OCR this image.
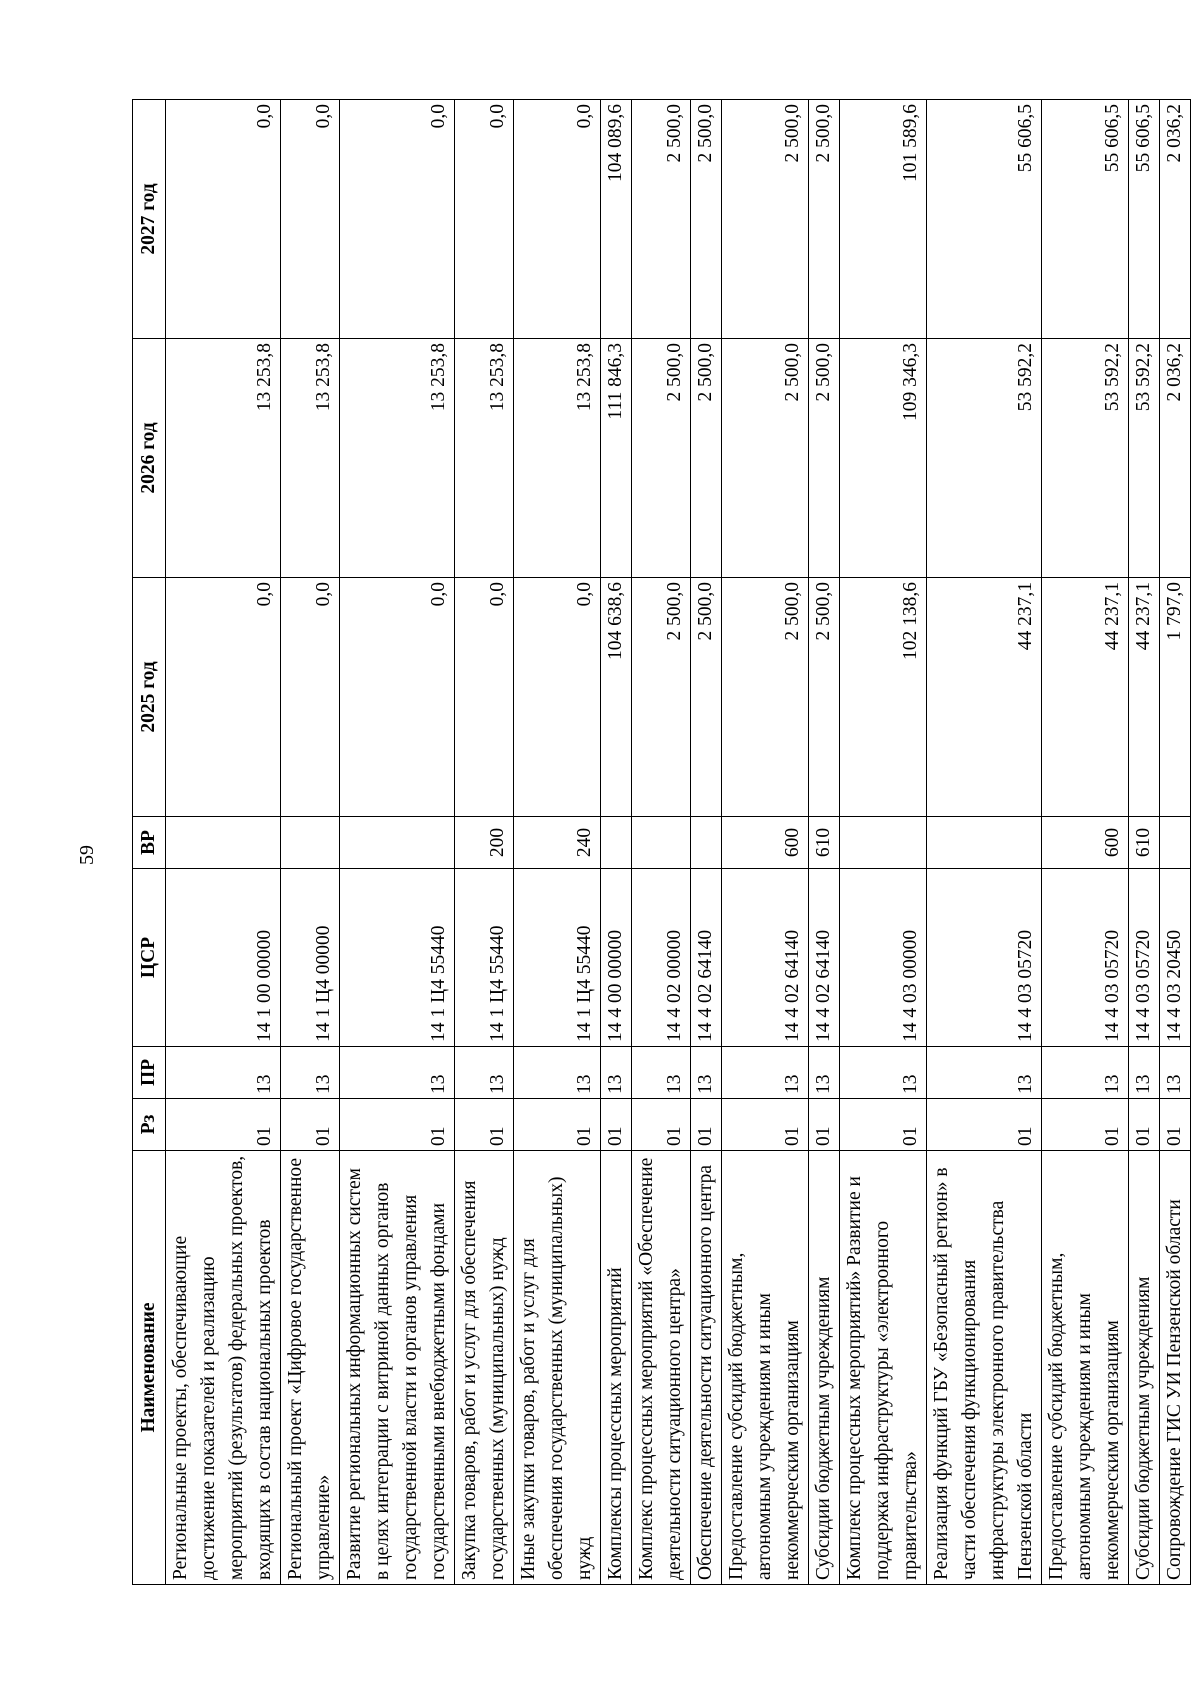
59
Наименование	Рз	ПР	ЦСР	ВР	2025 год	2026 год	2027 год
Региональные проекты, обеспечивающие достижение показателей и реализацию мероприятий (результатов) федеральных проектов, входящих в состав национальных проектов	01	13	14 1 00 00000		0,0	13 253,8	0,0
Региональный проект «Цифровое государственное управление»	01	13	14 1 Ц4 00000		0,0	13 253,8	0,0
Развитие региональных информационных систем в целях интеграции с витриной данных органов государственной власти и органов управления государственными внебюджетными фондами	01	13	14 1 Ц4 55440		0,0	13 253,8	0,0
Закупка товаров, работ и услуг для обеспечения государственных (муниципальных) нужд	01	13	14 1 Ц4 55440	200	0,0	13 253,8	0,0
Иные закупки товаров, работ и услуг для обеспечения государственных (муниципальных) нужд	01	13	14 1 Ц4 55440	240	0,0	13 253,8	0,0
Комплексы процессных мероприятий	01	13	14 4 00 00000		104 638,6	111 846,3	104 089,6
Комплекс процессных мероприятий «Обеспечение деятельности ситуационного центра»	01	13	14 4 02 00000		2 500,0	2 500,0	2 500,0
Обеспечение деятельности ситуационного центра	01	13	14 4 02 64140		2 500,0	2 500,0	2 500,0
Предоставление субсидий бюджетным, автономным учреждениям и иным некоммерческим организациям	01	13	14 4 02 64140	600	2 500,0	2 500,0	2 500,0
Субсидии бюджетным учреждениям	01	13	14 4 02 64140	610	2 500,0	2 500,0	2 500,0
Комплекс процессных мероприятий» Развитие и поддержка инфраструктуры «электронного правительства»	01	13	14 4 03 00000		102 138,6	109 346,3	101 589,6
Реализация функций ГБУ «Безопасный регион» в части обеспечения функционирования инфраструктуры электронного правительства Пензенской области	01	13	14 4 03 05720		44 237,1	53 592,2	55 606,5
Предоставление субсидий бюджетным, автономным учреждениям и иным некоммерческим организациям	01	13	14 4 03 05720	600	44 237,1	53 592,2	55 606,5
Субсидии бюджетным учреждениям	01	13	14 4 03 05720	610	44 237,1	53 592,2	55 606,5
Сопровождение ГИС УИ Пензенской области	01	13	14 4 03 20450		1 797,0	2 036,2	2 036,2
